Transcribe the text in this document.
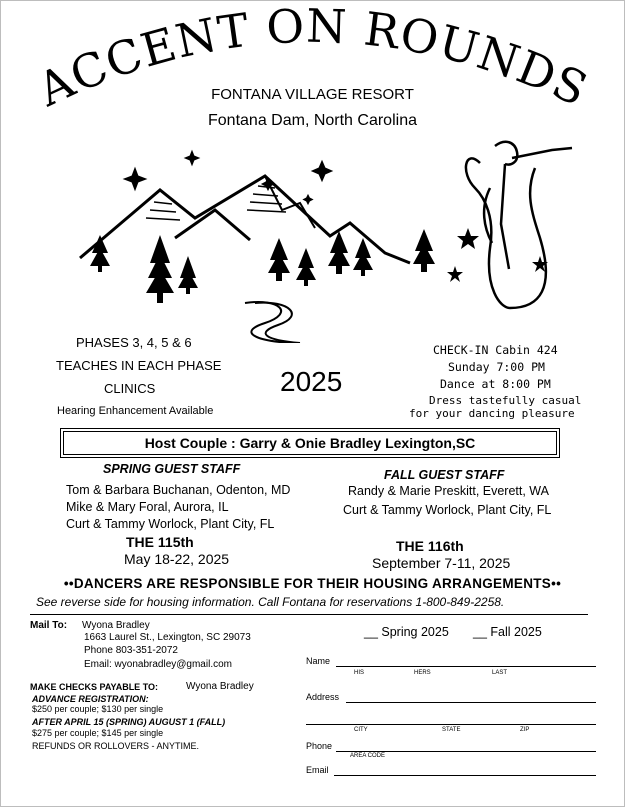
ACCENT ON ROUNDS
FONTANA VILLAGE RESORT
Fontana Dam, North Carolina
PHASES 3, 4, 5 & 6
TEACHES IN EACH PHASE
CLINICS
Hearing Enhancement Available
2025
CHECK-IN Cabin 424
Sunday 7:00 PM
Dance at 8:00 PM
Dress tastefully casual
for your dancing pleasure
Host Couple : Garry & Onie Bradley Lexington,SC
SPRING GUEST STAFF
Tom & Barbara Buchanan, Odenton, MD
Mike & Mary Foral, Aurora, IL
Curt & Tammy Worlock, Plant City, FL
THE 115th
May 18-22, 2025
FALL GUEST STAFF
Randy & Marie Preskitt, Everett, WA
Curt & Tammy Worlock, Plant City, FL
THE 116th
September 7-11, 2025
••DANCERS ARE RESPONSIBLE FOR THEIR HOUSING ARRANGEMENTS••
See reverse side for housing information. Call Fontana for reservations 1-800-849-2258.
Mail To: Wyona Bradley
1663 Laurel St., Lexington, SC 29073
Phone 803-351-2072
Email: wyonabradley@gmail.com
MAKE CHECKS PAYABLE TO:	Wyona Bradley
ADVANCE REGISTRATION:
$250 per couple; $130 per single
AFTER APRIL 15 (SPRING) AUGUST 1 (FALL)
$275 per couple; $145 per single
REFUNDS OR ROLLOVERS - ANYTIME.
__ Spring 2025 __ Fall 2025
Name
HIS	HERS	LAST
Address
CITY	STATE	ZIP
Phone
AREA CODE
Email
